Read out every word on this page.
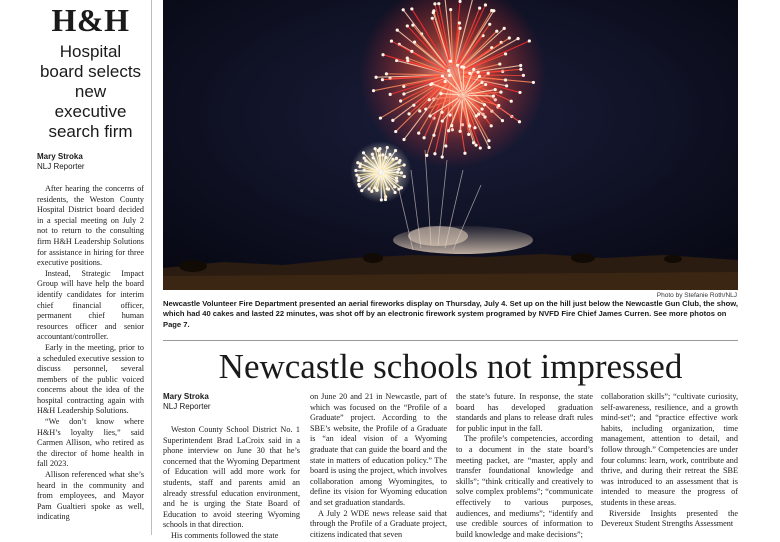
H&H
Hospital board selects new executive search firm
Mary Stroka
NLJ Reporter

After hearing the concerns of residents, the Weston County Hospital District board decided in a special meeting on July 2 not to return to the consulting firm H&H Leadership Solutions for assistance in hiring for three executive positions.

Instead, Strategic Impact Group will have help the board identify candidates for interim chief financial officer, permanent chief human resources officer and senior accountant/controller.

Early in the meeting, prior to a scheduled executive session to discuss personnel, several members of the public voiced concerns about the idea of the hospital contracting again with H&H Leadership Solutions.

“We don’t know where H&H’s loyalty lies,” said Carmen Allison, who retired as the director of home health in fall 2023.

Allison referenced what she’s heard in the community and from employees, and Mayor Pam Gualtieri spoke as well, indicating

Photo by Stefanie Roth/NLJ
Newcastle Volunteer Fire Department presented an aerial fireworks display on Thursday, July 4. Set up on the hill just below the Newcastle Gun Club, the show, which had 40 cakes and lasted 22 minutes, was shot off by an electronic firework system programed by NVFD Fire Chief James Curren. See more photos on Page 7.
Newcastle schools not impressed
Mary Stroka
NLJ Reporter

Weston County School District No. 1 Superintendent Brad LaCroix said in a phone interview on June 30 that he’s concerned that the Wyoming Department of Education will add more work for students, staff and parents amid an already stressful education environment, and he is urging the State Board of Education to avoid steering Wyoming schools in that direction.

His comments followed the state

on June 20 and 21 in Newcastle, part of which was focused on the “Profile of a Graduate” project. According to the SBE’s website, the Profile of a Graduate is “an ideal vision of a Wyoming graduate that can guide the board and the state in matters of education policy.” The board is using the project, which involves collaboration among Wyomingites, to define its vision for Wyoming education and set graduation standards.

A July 2 WDE news release said that through the Profile of a Graduate project, citizens indicated that seven

the state’s future. In response, the state board has developed graduation standards and plans to release draft rules for public input in the fall.

The profile’s competencies, according to a document in the state board’s meeting packet, are “master, apply and transfer foundational knowledge and skills”; “think critically and creatively to solve complex problems”; “communicate effectively to various purposes, audiences, and mediums”; “identify and use credible sources of information to build knowledge and make decisions”;

collaboration skills”; “cultivate curiosity, self-awareness, resilience, and a growth mind-set”; and “practice effective work habits, including organization, time management, attention to detail, and follow through.” Competencies are under four columns: learn, work, contribute and thrive, and during their retreat the SBE was introduced to an assessment that is intended to measure the progress of students in these areas.

Riverside Insights presented the Devereux Student Strengths Assessment
